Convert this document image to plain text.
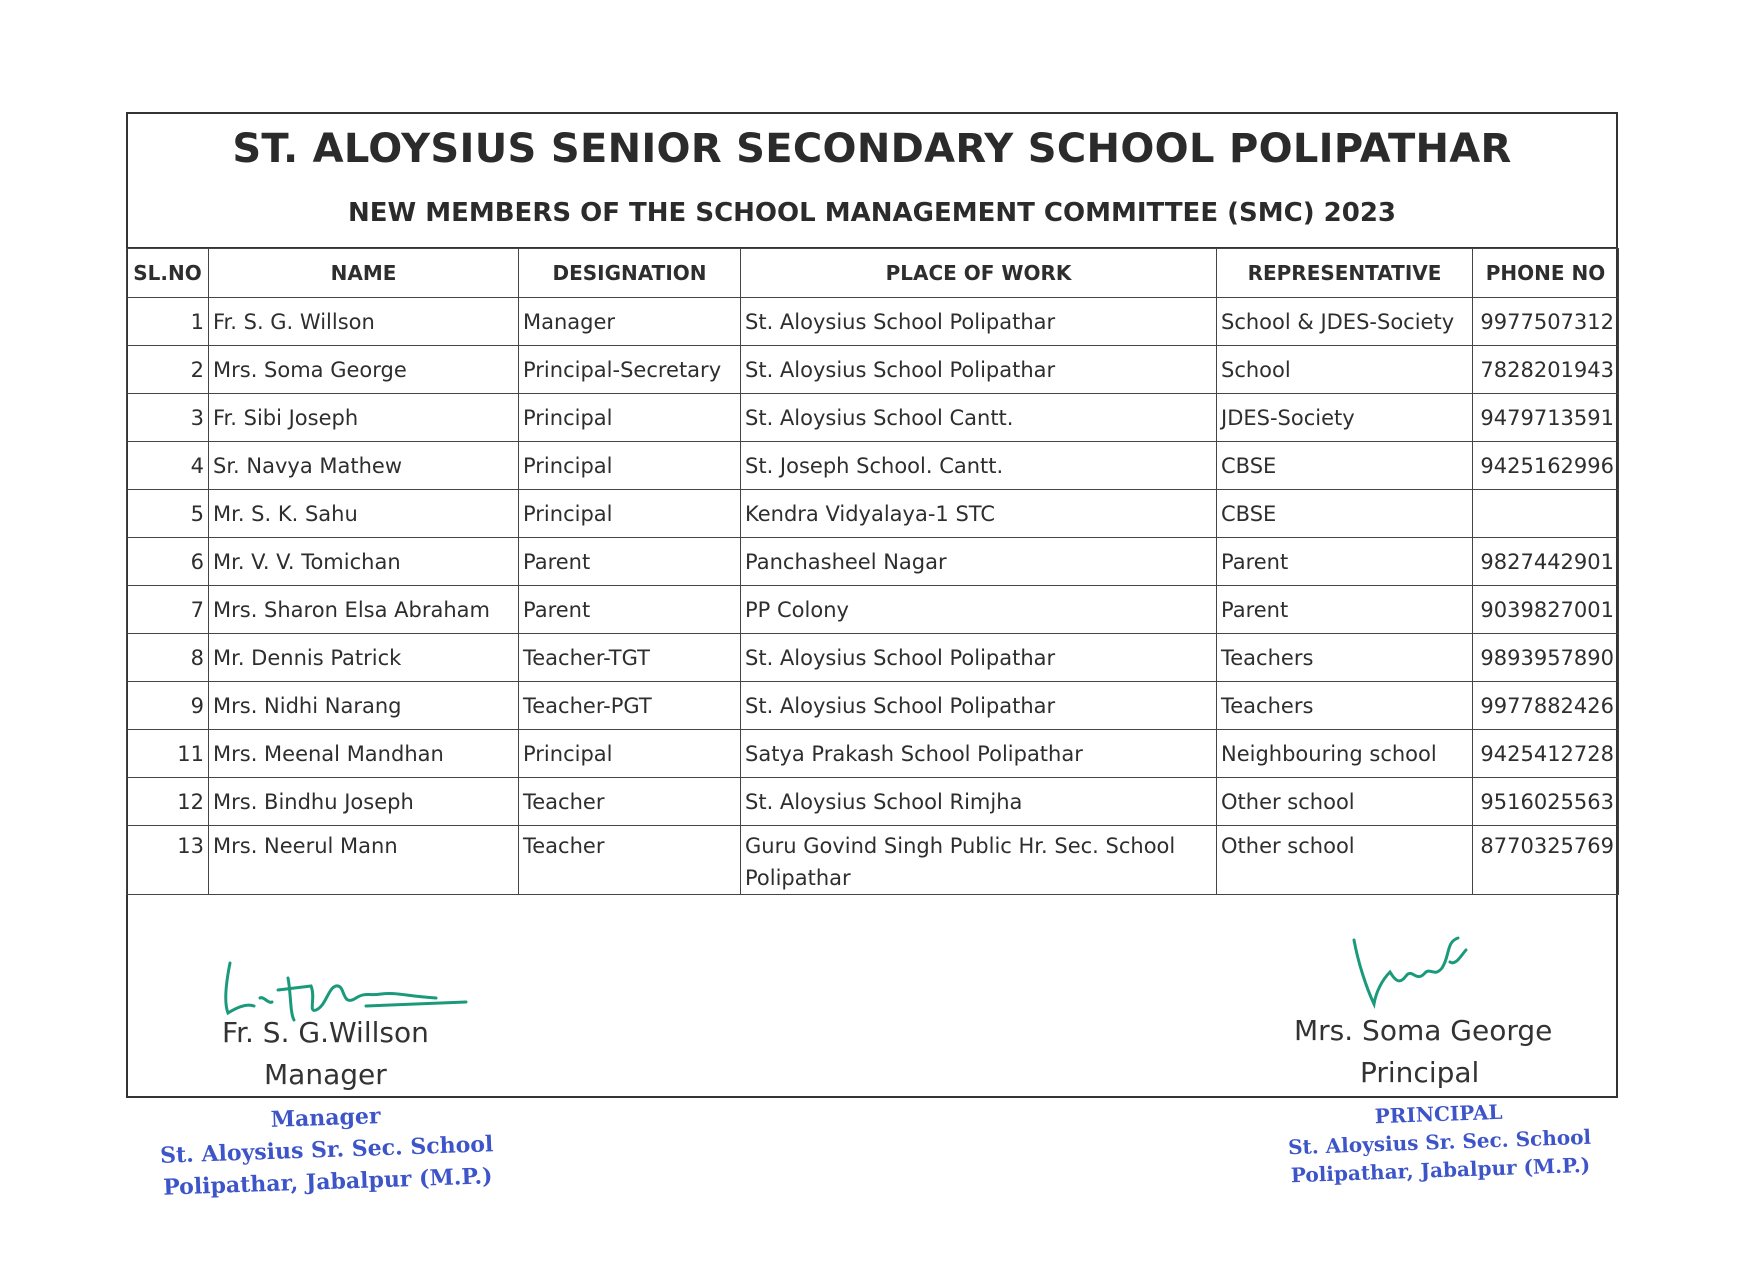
ST. ALOYSIUS SENIOR SECONDARY SCHOOL POLIPATHAR
NEW MEMBERS OF THE SCHOOL MANAGEMENT COMMITTEE (SMC) 2023
SL.NO	NAME	DESIGNATION	PLACE OF WORK	REPRESENTATIVE	PHONE NO
1	Fr. S. G. Willson	Manager	St. Aloysius School Polipathar	School & JDES-Society	9977507312
2	Mrs. Soma George	Principal-Secretary	St. Aloysius School Polipathar	School	7828201943
3	Fr. Sibi Joseph	Principal	St. Aloysius School Cantt.	JDES-Society	9479713591
4	Sr. Navya Mathew	Principal	St. Joseph School. Cantt.	CBSE	9425162996
5	Mr. S. K. Sahu	Principal	Kendra Vidyalaya-1 STC	CBSE	
6	Mr. V. V. Tomichan	Parent	Panchasheel Nagar	Parent	9827442901
7	Mrs. Sharon Elsa Abraham	Parent	PP Colony	Parent	9039827001
8	Mr. Dennis Patrick	Teacher-TGT	St. Aloysius School Polipathar	Teachers	9893957890
9	Mrs. Nidhi Narang	Teacher-PGT	St. Aloysius School Polipathar	Teachers	9977882426
11	Mrs. Meenal Mandhan	Principal	Satya Prakash School Polipathar	Neighbouring school	9425412728
12	Mrs. Bindhu Joseph	Teacher	St. Aloysius School Rimjha	Other school	9516025563
13	Mrs. Neerul Mann	Teacher	Guru Govind Singh Public Hr. Sec. School Polipathar	Other school	8770325769
Fr. S. G.Willson
Manager
Mrs. Soma George
Principal
Manager
St. Aloysius Sr. Sec. School
Polipathar, Jabalpur (M.P.)
PRINCIPAL
St. Aloysius Sr. Sec. School
Polipathar, Jabalpur (M.P.)
